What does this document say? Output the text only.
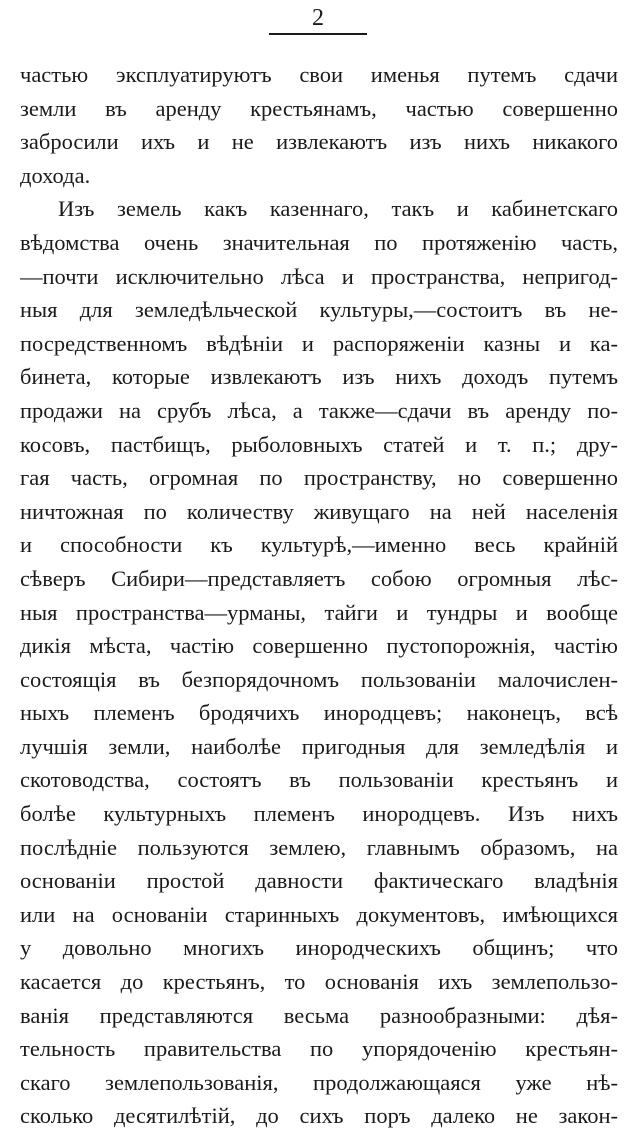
2
частью эксплуатируютъ свои именья путемъ сдачи
земли въ аренду крестьянамъ, частью совершенно
забросили ихъ и не извлекаютъ изъ нихъ никакого
дохода.
Изъ земель какъ казеннаго, такъ и кабинетскаго
вѣдомства очень значительная по протяженію часть,
—почти исключительно лѣса и пространства, непригод-
ныя для земледѣльческой культуры,—состоитъ въ не-
посредственномъ вѣдѣніи и распоряженіи казны и ка-
бинета, которые извлекаютъ изъ нихъ доходъ путемъ
продажи на срубъ лѣса, а также—сдачи въ аренду по-
косовъ, пастбищъ, рыболовныхъ статей и т. п.; дру-
гая часть, огромная по пространству, но совершенно
ничтожная по количеству живущаго на ней населенія
и способности къ культурѣ,—именно весь крайній
сѣверъ Сибири—представляетъ собою огромныя лѣс-
ныя пространства—урманы, тайги и тундры и вообще
дикія мѣста, частію совершенно пустопорожнія, частію
состоящія въ безпорядочномъ пользованіи малочислен-
ныхъ племенъ бродячихъ инородцевъ; наконецъ, всѣ
лучшія земли, наиболѣе пригодныя для земледѣлія и
скотоводства, состоятъ въ пользованіи крестьянъ и
болѣе культурныхъ племенъ инородцевъ. Изъ нихъ
послѣдніе пользуются землею, главнымъ образомъ, на
основаніи простой давности фактическаго владѣнія
или на основаніи старинныхъ документовъ, имѣющихся
у довольно многихъ инородческихъ общинъ; что
касается до крестьянъ, то основанія ихъ землепользо-
ванія представляются весьма разнообразными: дѣя-
тельность правительства по упорядоченію крестьян-
скаго землепользованія, продолжающаяся уже нѣ-
сколько десятилѣтій, до сихъ поръ далеко не закон-
